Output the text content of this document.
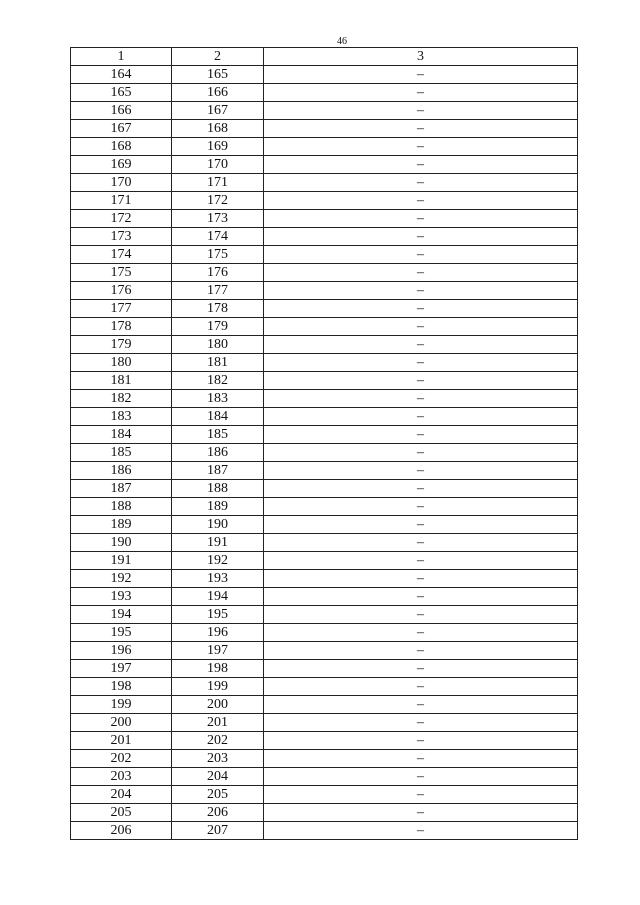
46
1	2	3
164	165	–
165	166	–
166	167	–
167	168	–
168	169	–
169	170	–
170	171	–
171	172	–
172	173	–
173	174	–
174	175	–
175	176	–
176	177	–
177	178	–
178	179	–
179	180	–
180	181	–
181	182	–
182	183	–
183	184	–
184	185	–
185	186	–
186	187	–
187	188	–
188	189	–
189	190	–
190	191	–
191	192	–
192	193	–
193	194	–
194	195	–
195	196	–
196	197	–
197	198	–
198	199	–
199	200	–
200	201	–
201	202	–
202	203	–
203	204	–
204	205	–
205	206	–
206	207	–
